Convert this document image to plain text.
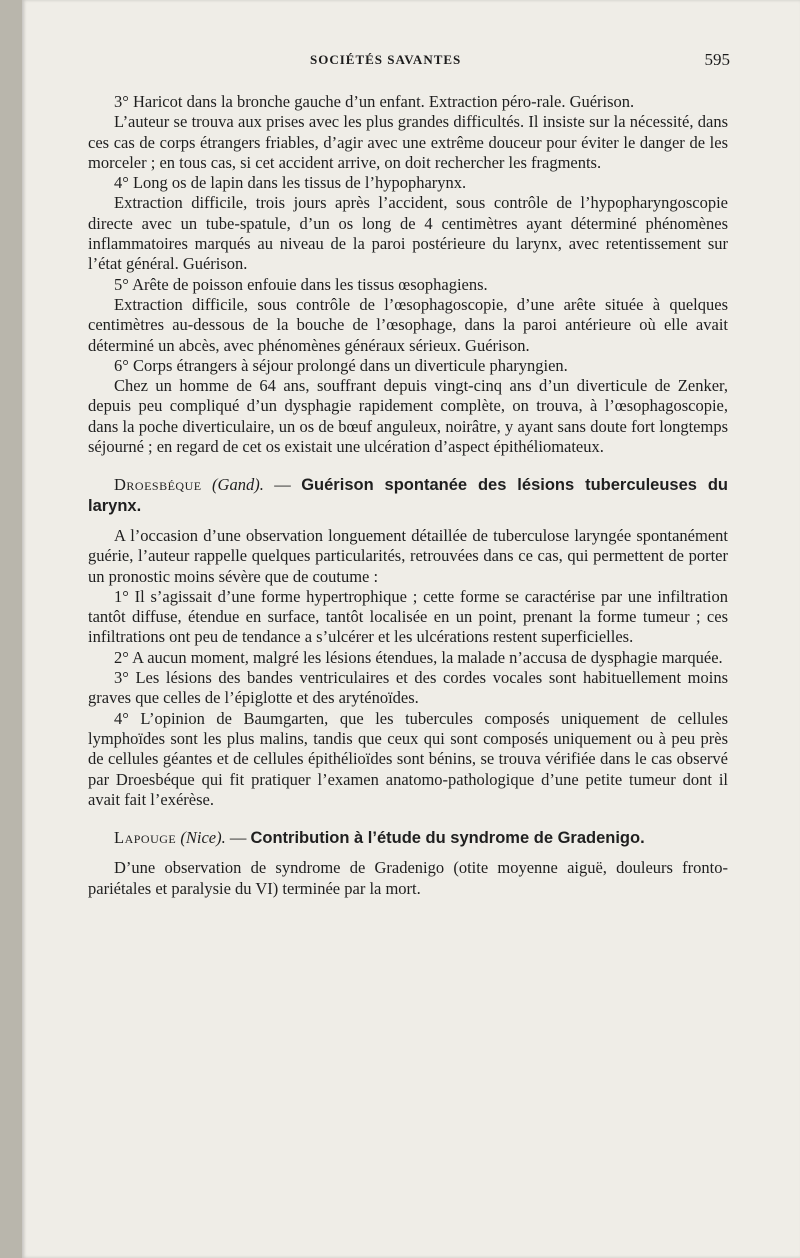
SOCIÉTÉS SAVANTES	595

3° Haricot dans la bronche gauche d’un enfant. Extraction péro-rale. Guérison.

L’auteur se trouva aux prises avec les plus grandes difficultés. Il insiste sur la nécessité, dans ces cas de corps étrangers friables, d’agir avec une extrême douceur pour éviter le danger de les morceler ; en tous cas, si cet accident arrive, on doit rechercher les fragments.

4° Long os de lapin dans les tissus de l’hypopharynx.

Extraction difficile, trois jours après l’accident, sous contrôle de l’hypopharyngoscopie directe avec un tube-spatule, d’un os long de 4 centimètres ayant déterminé phénomènes inflammatoires marqués au niveau de la paroi postérieure du larynx, avec retentissement sur l’état général. Guérison.

5° Arête de poisson enfouie dans les tissus œsophagiens.

Extraction difficile, sous contrôle de l’œsophagoscopie, d’une arête située à quelques centimètres au-dessous de la bouche de l’œsophage, dans la paroi antérieure où elle avait déterminé un abcès, avec phénomènes généraux sérieux. Guérison.

6° Corps étrangers à séjour prolongé dans un diverticule pharyngien.

Chez un homme de 64 ans, souffrant depuis vingt-cinq ans d’un diverticule de Zenker, depuis peu compliqué d’un dysphagie rapidement complète, on trouva, à l’œsophagoscopie, dans la poche diverticulaire, un os de bœuf anguleux, noirâtre, y ayant sans doute fort longtemps séjourné ; en regard de cet os existait une ulcération d’aspect épithéliomateux.

Droesbéque (Gand). — Guérison spontanée des lésions tuberculeuses du larynx.

A l’occasion d’une observation longuement détaillée de tuberculose laryngée spontanément guérie, l’auteur rappelle quelques particularités, retrouvées dans ce cas, qui permettent de porter un pronostic moins sévère que de coutume :

1° Il s’agissait d’une forme hypertrophique ; cette forme se caractérise par une infiltration tantôt diffuse, étendue en surface, tantôt localisée en un point, prenant la forme tumeur ; ces infiltrations ont peu de tendance a s’ulcérer et les ulcérations restent superficielles.

2° A aucun moment, malgré les lésions étendues, la malade n’accusa de dysphagie marquée.

3° Les lésions des bandes ventriculaires et des cordes vocales sont habituellement moins graves que celles de l’épiglotte et des aryténoïdes.

4° L’opinion de Baumgarten, que les tubercules composés uniquement de cellules lymphoïdes sont les plus malins, tandis que ceux qui sont composés uniquement ou à peu près de cellules géantes et de cellules épithélioïdes sont bénins, se trouva vérifiée dans le cas observé par Droesbéque qui fit pratiquer l’examen anatomo-pathologique d’une petite tumeur dont il avait fait l’exérèse.

Lapouge (Nice). — Contribution à l’étude du syndrome de Gradenigo.

D’une observation de syndrome de Gradenigo (otite moyenne aiguë, douleurs fronto-pariétales et paralysie du VI) terminée par la mort.
